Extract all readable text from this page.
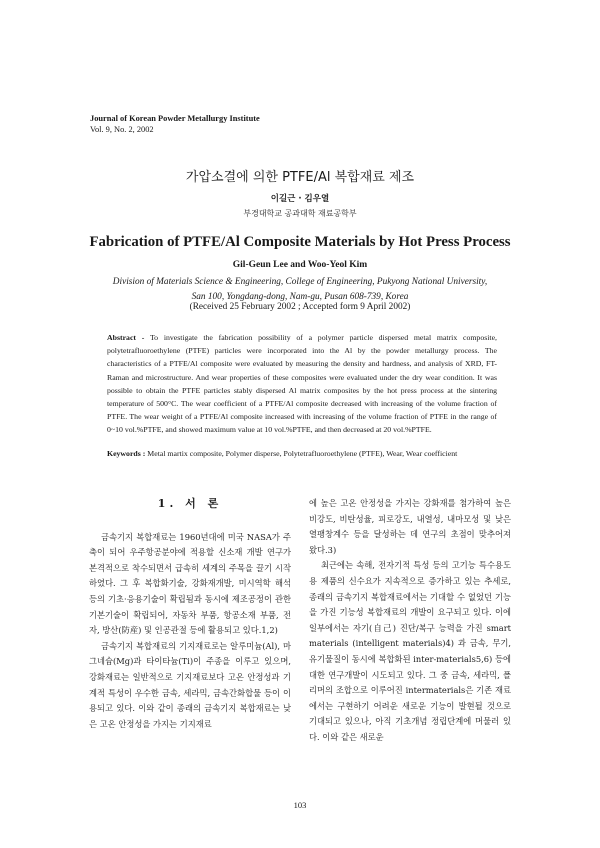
Journal of Korean Powder Metallurgy Institute
Vol. 9, No. 2, 2002
가압소결에 의한 PTFE/Al 복합재료 제조
이길근 · 김우열
부경대학교 공과대학 재료공학부
Fabrication of PTFE/Al Composite Materials by Hot Press Process
Gil-Geun Lee and Woo-Yeol Kim
Division of Materials Science & Engineering, College of Engineering, Pukyong National University,
San 100, Yongdang-dong, Nam-gu, Pusan 608-739, Korea
(Received 25 February 2002 ; Accepted form 9 April 2002)
Abstract - To investigate the fabrication possibility of a polymer particle dispersed metal matrix composite, polytetrafluoroethylene (PTFE) particles were incorporated into the Al by the powder metallurgy process. The characteristics of a PTFE/Al composite were evaluated by measuring the density and hardness, and analysis of XRD, FT-Raman and microstructure. And wear properties of these composites were evaluated under the dry wear condition. It was possible to obtain the PTFE particles stably dispersed Al matrix composites by the hot press process at the sintering temperature of 500°C. The wear coefficient of a PTFE/Al composite decreased with increasing of the volume fraction of PTFE. The wear weight of a PTFE/Al composite increased with increasing of the volume fraction of PTFE in the range of 0~10 vol.%PTFE, and showed maximum value at 10 vol.%PTFE, and then decreased at 20 vol.%PTFE.
Keywords : Metal martix composite, Polymer disperse, Polytetrafluoroethylene (PTFE), Wear, Wear coefficient
1. 서 론

금속기지 복합재료는 1960년대에 미국 NASA가 주축이 되어 우주항공분야에 적용할 신소재 개발 연구가 본격적으로 착수되면서 급속히 세계의 주목을 끌기 시작하였다. 그 후 복합화기술, 강화재개발, 미시역학 해석 등의 기초·응용기술이 확립됨과 동시에 제조공정이 관한 기본기술이 확립되어, 자동차 부품, 항공소재 부품, 전자, 방산(防産) 및 인공관절 등에 활용되고 있다.1,2)

금속기지 복합재료의 기지재료로는 알루미늄(Al), 마그네슘(Mg)과 타이타늄(Ti)이 주종을 이루고 있으며, 강화재료는 일반적으로 기지재료보다 고온 안정성과 기계적 특성이 우수한 금속, 세라믹, 금속간화합물 등이 이용되고 있다. 이와 같이 종래의 금속기지 복합재료는 낮은 고온 안정성을 가지는 기지재료

에 높은 고온 안정성을 가지는 강화재를 첨가하여 높은 비강도, 비탄성율, 피로강도, 내열성, 내마모성 및 낮은 열팽창계수 등을 달성하는 데 연구의 초점이 맞추어져 왔다.3)

최근에는 속해, 전자기적 특성 등의 고기능 특수용도용 제품의 신수요가 지속적으로 증가하고 있는 추세로, 종래의 금속기지 복합재료에서는 기대할 수 없었던 기능을 가진 기능성 복합재료의 개발이 요구되고 있다. 이에 일부에서는 자기(自己) 진단/복구 능력을 가진 smart materials (intelligent materials)4) 과 금속, 무기, 유기물질이 동시에 복합화된 inter-materials5,6) 등에 대한 연구개발이 시도되고 있다. 그 중 금속, 세라믹, 폴리머의 조합으로 이루어진 intermaterials은 기존 재료에서는 구현하기 어려운 새로운 기능이 발현될 것으로 기대되고 있으나, 아직 기초개념 정립단계에 머물러 있다. 이와 같은 새로운

103
